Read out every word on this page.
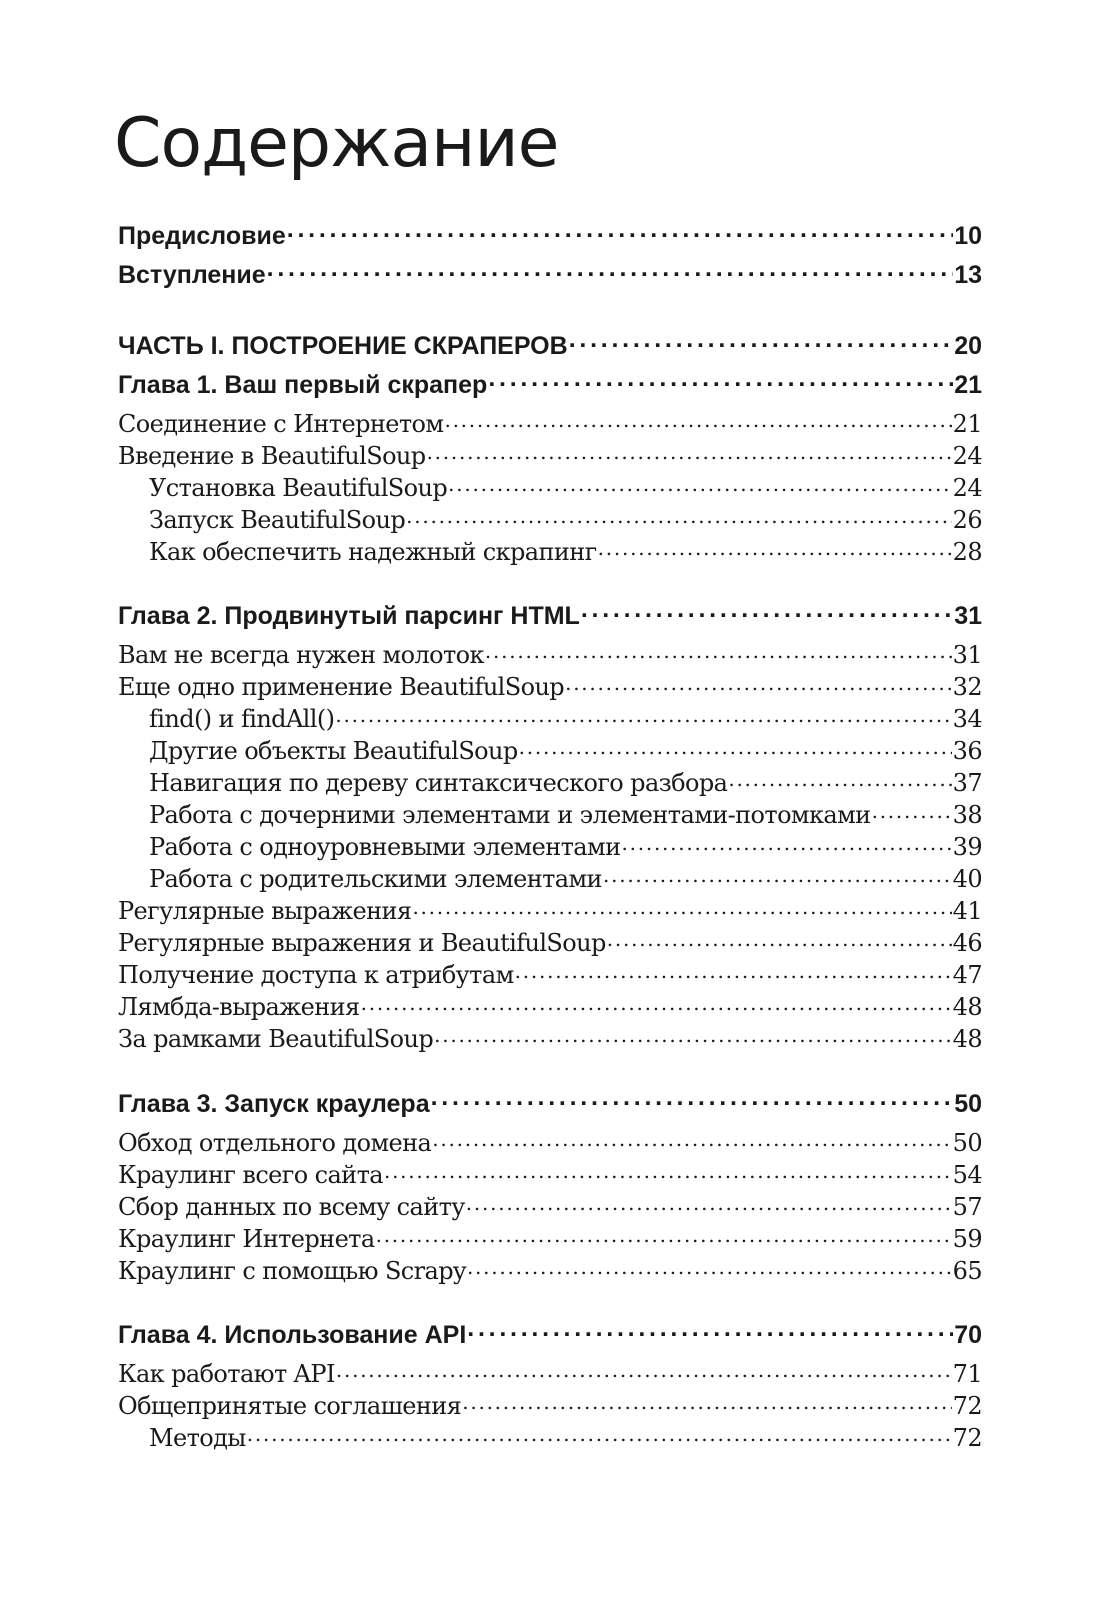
Содержание
Предисловие . . .	10
Вступление . . .	13
ЧАСТЬ I. ПОСТРОЕНИЕ СКРАПЕРОВ . . .	20
Глава 1. Ваш первый скрапер . . .	21
Соединение с Интернетом . . .	21
Введение в BeautifulSoup . . .	24
Установка BeautifulSoup . . .	24
Запуск BeautifulSoup . . .	26
Как обеспечить надежный скрапинг . . .	28
Глава 2. Продвинутый парсинг HTML . . .	31
Вам не всегда нужен молоток . . .	31
Еще одно применение BeautifulSoup . . .	32
find() и findAll() . . .	34
Другие объекты BeautifulSoup . . .	36
Навигация по дереву синтаксического разбора . . .	37
Работа с дочерними элементами и элементами-потомками . . .	38
Работа с одноуровневыми элементами . . .	39
Работа с родительскими элементами . . .	40
Регулярные выражения . . .	41
Регулярные выражения и BeautifulSoup . . .	46
Получение доступа к атрибутам . . .	47
Лямбда-выражения . . .	48
За рамками BeautifulSoup . . .	48
Глава 3. Запуск краулера . . .	50
Обход отдельного домена . . .	50
Краулинг всего сайта . . .	54
Сбор данных по всему сайту . . .	57
Краулинг Интернета . . .	59
Краулинг с помощью Scrapy . . .	65
Глава 4. Использование API . . .	70
Как работают API . . .	71
Общепринятые соглашения . . .	72
Методы . . .	72
